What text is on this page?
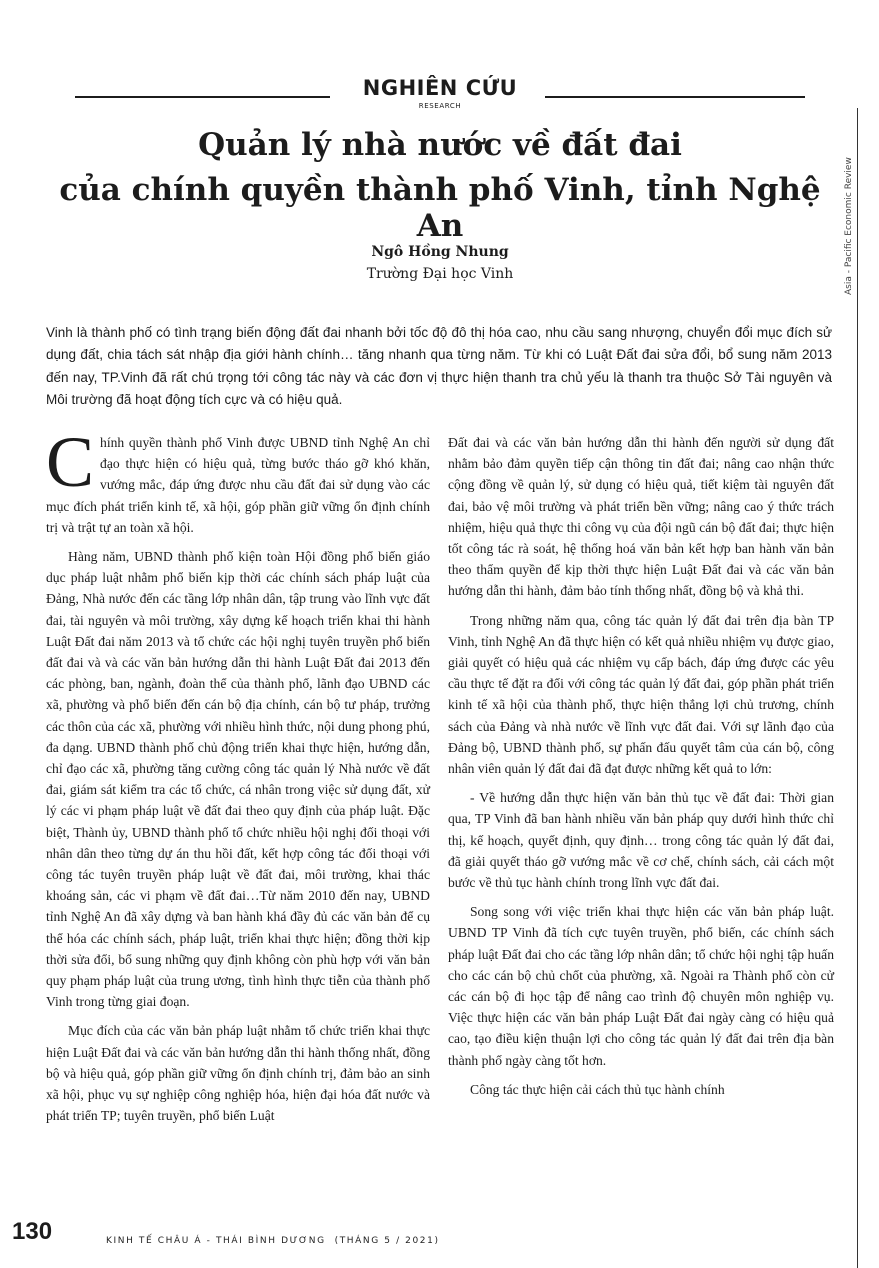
NGHIÊN CỨU
RESEARCH
Asia - Pacific Economic Review
Quản lý nhà nước về đất đai
của chính quyền thành phố Vinh, tỉnh Nghệ An
Ngô Hồng Nhung
Trường Đại học Vinh
Vinh là thành phố có tình trạng biến động đất đai nhanh bởi tốc độ đô thị hóa cao, nhu cầu sang nhượng, chuyển đổi mục đích sử dụng đất, chia tách sát nhập địa giới hành chính… tăng nhanh qua từng năm. Từ khi có Luật Đất đai sửa đổi, bổ sung năm 2013 đến nay, TP.Vinh đã rất chú trọng tới công tác này và các đơn vị thực hiện thanh tra chủ yếu là thanh tra thuộc Sở Tài nguyên và Môi trường đã hoạt động tích cực và có hiệu quả.

Chính quyền thành phố Vinh được UBND tỉnh Nghệ An chỉ đạo thực hiện có hiệu quả, từng bước tháo gỡ khó khăn, vướng mắc, đáp ứng được nhu cầu đất đai sử dụng vào các mục đích phát triển kinh tế, xã hội, góp phần giữ vững ổn định chính trị và trật tự an toàn xã hội.

Hàng năm, UBND thành phố kiện toàn Hội đồng phổ biến giáo dục pháp luật nhằm phổ biến kịp thời các chính sách pháp luật của Đảng, Nhà nước đến các tầng lớp nhân dân, tập trung vào lĩnh vực đất đai, tài nguyên và môi trường, xây dựng kế hoạch triển khai thi hành Luật Đất đai năm 2013 và tổ chức các hội nghị tuyên truyền phổ biến đất đai và và các văn bản hướng dẫn thi hành Luật Đất đai 2013 đến các phòng, ban, ngành, đoàn thể của thành phố, lãnh đạo UBND các xã, phường và phổ biến đến cán bộ địa chính, cán bộ tư pháp, trưởng các thôn của các xã, phường với nhiều hình thức, nội dung phong phú, đa dạng. UBND thành phố chủ động triển khai thực hiện, hướng dẫn, chỉ đạo các xã, phường tăng cường công tác quản lý Nhà nước về đất đai, giám sát kiểm tra các tổ chức, cá nhân trong việc sử dụng đất, xử lý các vi phạm pháp luật về đất đai theo quy định của pháp luật. Đặc biệt, Thành ủy, UBND thành phố tổ chức nhiều hội nghị đối thoại với nhân dân theo từng dự án thu hồi đất, kết hợp công tác đối thoại với công tác tuyên truyền pháp luật về đất đai, môi trường, khai thác khoáng sản, các vi phạm về đất đai…Từ năm 2010 đến nay, UBND tỉnh Nghệ An đã xây dựng và ban hành khá đầy đủ các văn bản để cụ thể hóa các chính sách, pháp luật, triển khai thực hiện; đồng thời kịp thời sửa đổi, bổ sung những quy định không còn phù hợp với văn bản quy phạm pháp luật của trung ương, tình hình thực tiễn của thành phố Vinh trong từng giai đoạn.

Mục đích của các văn bản pháp luật nhằm tổ chức triển khai thực hiện Luật Đất đai và các văn bản hướng dẫn thi hành thống nhất, đồng bộ và hiệu quả, góp phần giữ vững ổn định chính trị, đảm bảo an sinh xã hội, phục vụ sự nghiệp công nghiệp hóa, hiện đại hóa đất nước và phát triển TP; tuyên truyền, phổ biến Luật

Đất đai và các văn bản hướng dẫn thi hành đến người sử dụng đất nhằm bảo đảm quyền tiếp cận thông tin đất đai; nâng cao nhận thức cộng đồng về quản lý, sử dụng có hiệu quả, tiết kiệm tài nguyên đất đai, bảo vệ môi trường và phát triển bền vững; nâng cao ý thức trách nhiệm, hiệu quả thực thi công vụ của đội ngũ cán bộ đất đai; thực hiện tốt công tác rà soát, hệ thống hoá văn bản kết hợp ban hành văn bản theo thẩm quyền để kịp thời thực hiện Luật Đất đai và các văn bản hướng dẫn thi hành, đảm bảo tính thống nhất, đồng bộ và khả thi.

Trong những năm qua, công tác quản lý đất đai trên địa bàn TP Vinh, tỉnh Nghệ An đã thực hiện có kết quả nhiều nhiệm vụ được giao, giải quyết có hiệu quả các nhiệm vụ cấp bách, đáp ứng được các yêu cầu thực tế đặt ra đối với công tác quản lý đất đai, góp phần phát triển kinh tế xã hội của thành phố, thực hiện thắng lợi chủ trương, chính sách của Đảng và nhà nước về lĩnh vực đất đai. Với sự lãnh đạo của Đảng bộ, UBND thành phố, sự phấn đấu quyết tâm của cán bộ, công nhân viên quản lý đất đai đã đạt được những kết quả to lớn:

- Về hướng dẫn thực hiện văn bản thủ tục về đất đai: Thời gian qua, TP Vinh đã ban hành nhiều văn bản pháp quy dưới hình thức chỉ thị, kế hoạch, quyết định, quy định… trong công tác quản lý đất đai, đã giải quyết tháo gỡ vướng mắc về cơ chế, chính sách, cải cách một bước về thủ tục hành chính trong lĩnh vực đất đai.

Song song với việc triển khai thực hiện các văn bản pháp luật. UBND TP Vinh đã tích cực tuyên truyền, phổ biến, các chính sách pháp luật Đất đai cho các tầng lớp nhân dân; tổ chức hội nghị tập huấn cho các cán bộ chủ chốt của phường, xã. Ngoài ra Thành phố còn cử các cán bộ đi học tập để nâng cao trình độ chuyên môn nghiệp vụ. Việc thực hiện các văn bản pháp Luật Đất đai ngày càng có hiệu quả cao, tạo điều kiện thuận lợi cho công tác quản lý đất đai trên địa bàn thành phố ngày càng tốt hơn.

Công tác thực hiện cải cách thủ tục hành chính

130	KINH TẾ CHÂU Á - THÁI BÌNH DƯƠNG (THÁNG 5 / 2021)
